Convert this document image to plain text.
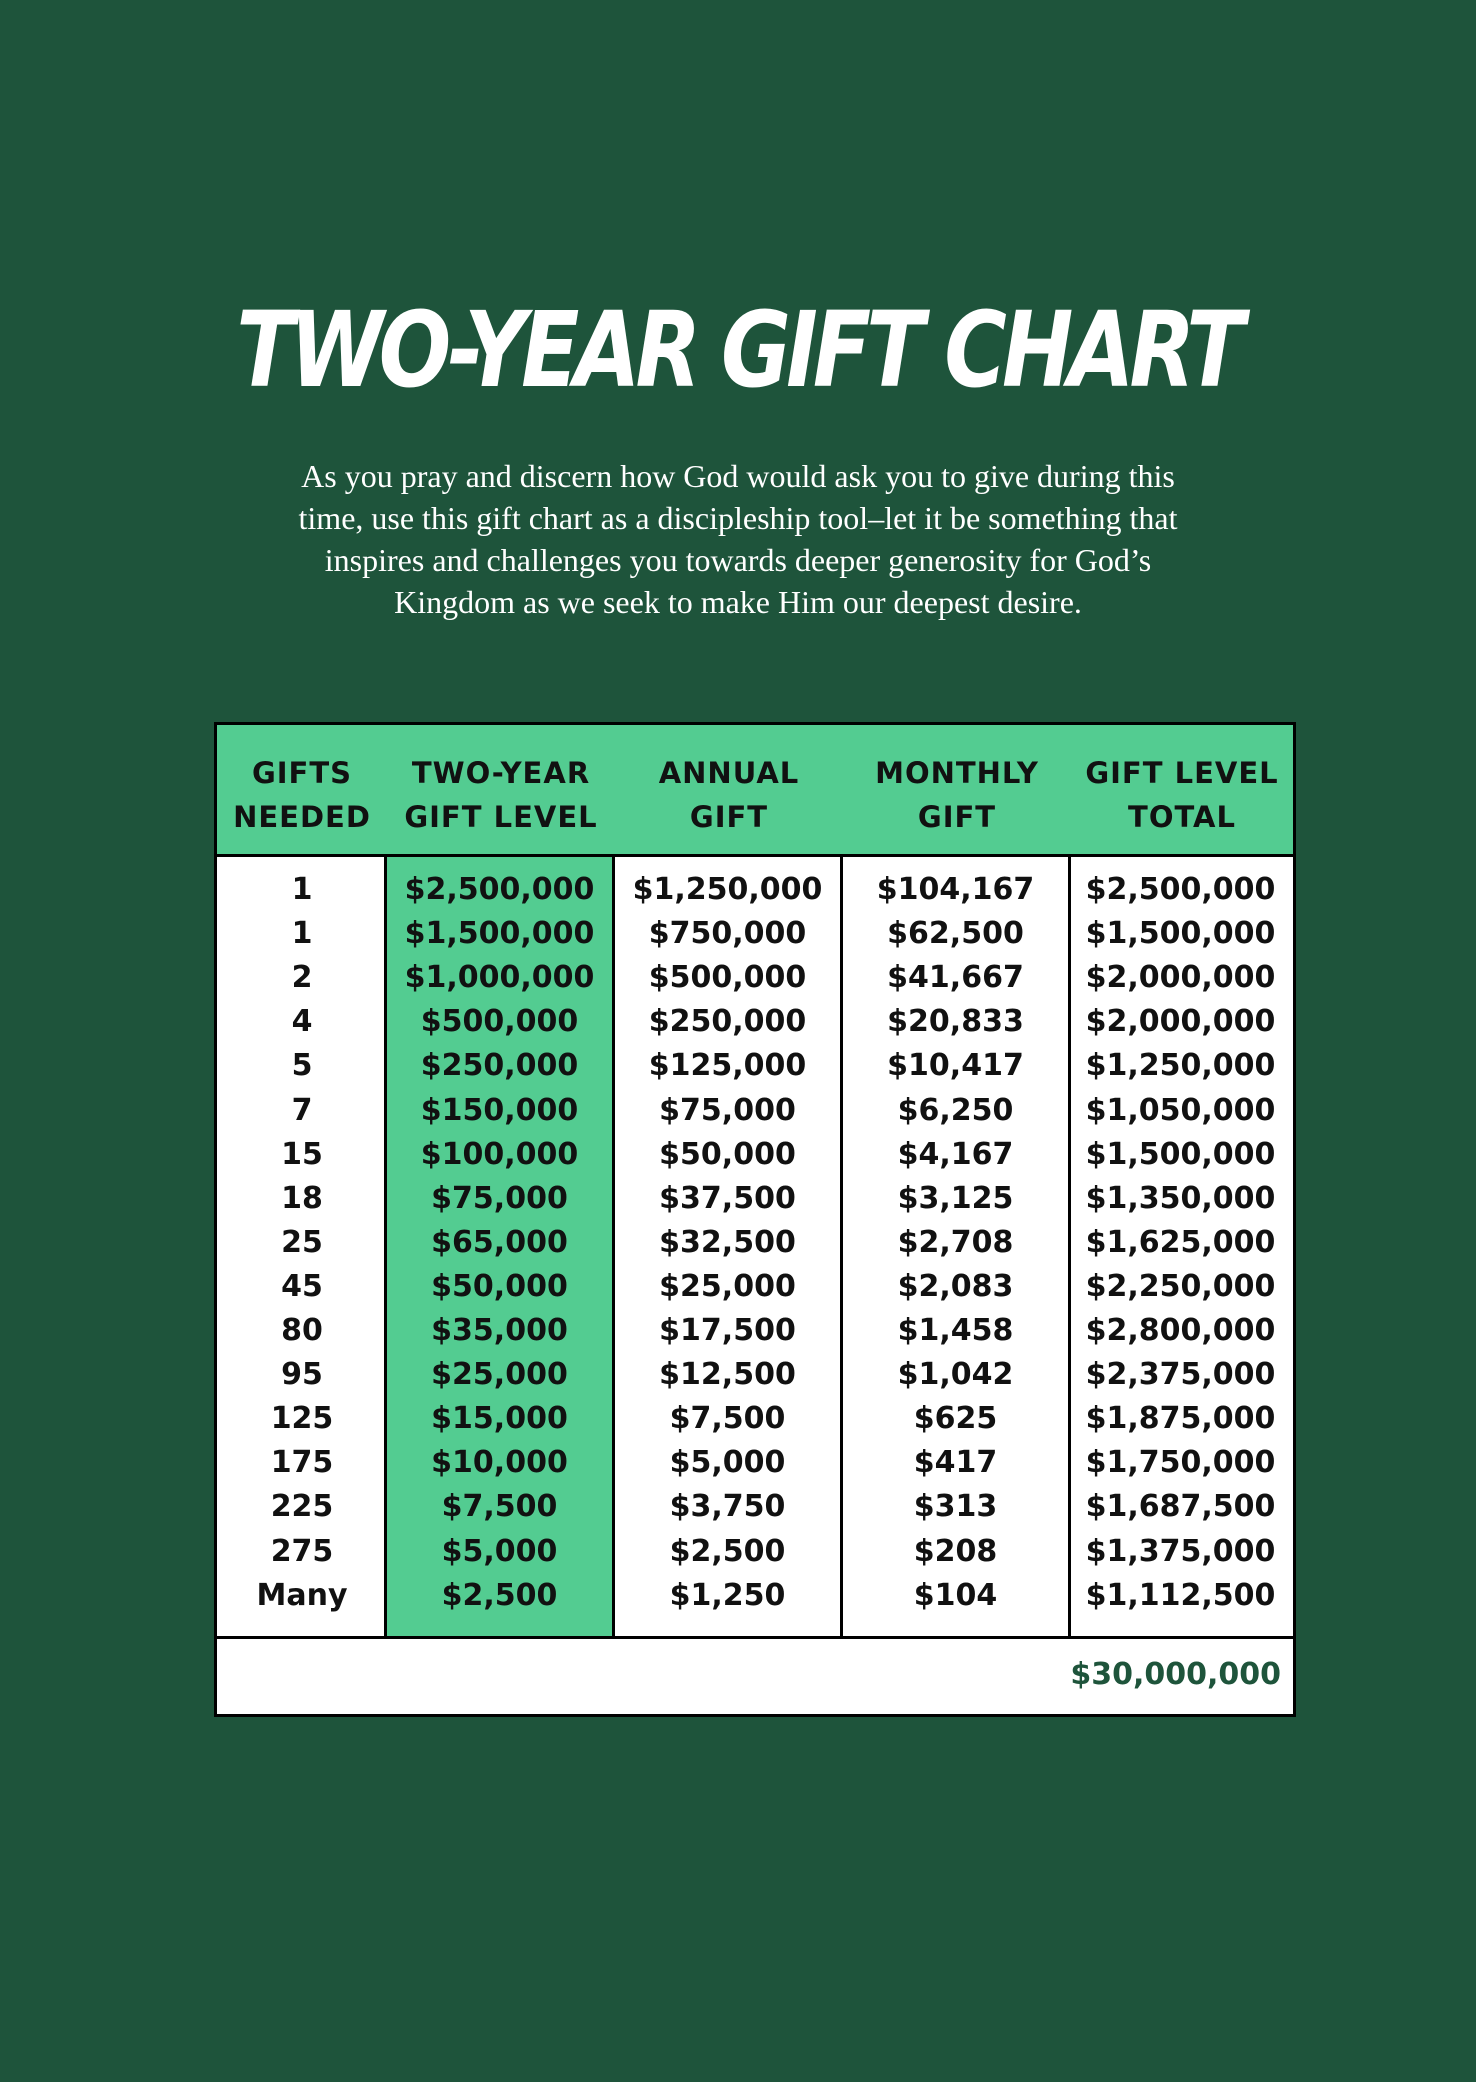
TWO-YEAR GIFT CHART
As you pray and discern how God would ask you to give during this time, use this gift chart as a discipleship tool–let it be something that inspires and challenges you towards deeper generosity for God’s Kingdom as we seek to make Him our deepest desire.
GIFTS
NEEDED
TWO-YEAR
GIFT LEVEL
ANNUAL
GIFT
MONTHLY
GIFT
GIFT LEVEL
TOTAL
1
1
2
4
5
7
15
18
25
45
80
95
125
175
225
275
Many
$2,500,000
$1,500,000
$1,000,000
$500,000
$250,000
$150,000
$100,000
$75,000
$65,000
$50,000
$35,000
$25,000
$15,000
$10,000
$7,500
$5,000
$2,500
$1,250,000
$750,000
$500,000
$250,000
$125,000
$75,000
$50,000
$37,500
$32,500
$25,000
$17,500
$12,500
$7,500
$5,000
$3,750
$2,500
$1,250
$104,167
$62,500
$41,667
$20,833
$10,417
$6,250
$4,167
$3,125
$2,708
$2,083
$1,458
$1,042
$625
$417
$313
$208
$104
$2,500,000
$1,500,000
$2,000,000
$2,000,000
$1,250,000
$1,050,000
$1,500,000
$1,350,000
$1,625,000
$2,250,000
$2,800,000
$2,375,000
$1,875,000
$1,750,000
$1,687,500
$1,375,000
$1,112,500
$30,000,000
